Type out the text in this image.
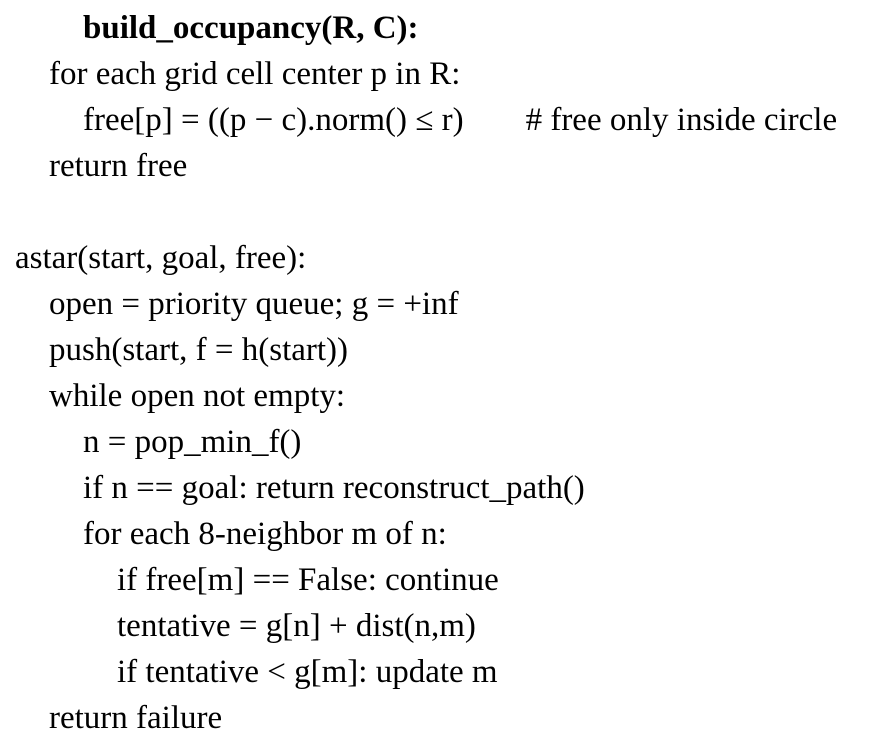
build_occupancy(R, C):
for each grid cell center p in R:
free[p] = ((p − c).norm() ≤ r) # free only inside circle
return free
astar(start, goal, free):
open = priority queue; g = +inf
push(start, f = h(start))
while open not empty:
n = pop_min_f()
if n == goal: return reconstruct_path()
for each 8-neighbor m of n:
if free[m] == False: continue
tentative = g[n] + dist(n,m)
if tentative < g[m]: update m
return failure
